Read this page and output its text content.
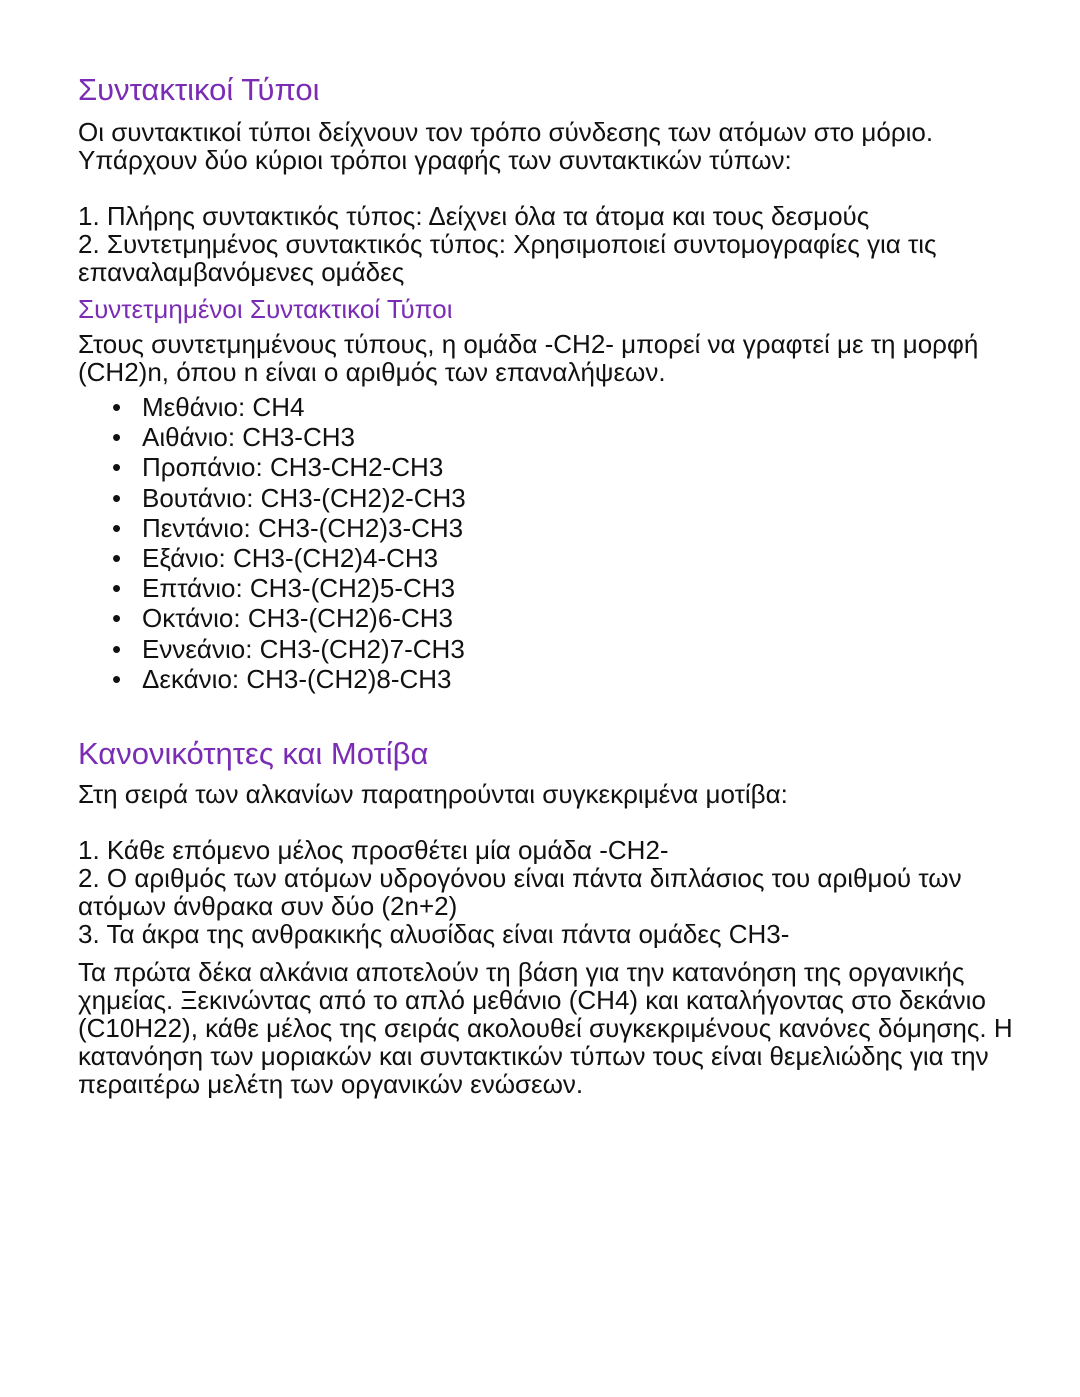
Συντακτικοί Τύποι

Οι συντακτικοί τύποι δείχνουν τον τρόπο σύνδεσης των ατόμων στο μόριο. Υπάρχουν δύο κύριοι τρόποι γραφής των συντακτικών τύπων:

1. Πλήρης συντακτικός τύπος: Δείχνει όλα τα άτομα και τους δεσμούς
2. Συντετμημένος συντακτικός τύπος: Χρησιμοποιεί συντομογραφίες για τις επαναλαμβανόμενες ομάδες
Συντετμημένοι Συντακτικοί Τύποι

Στους συντετμημένους τύπους, η ομάδα -CH2- μπορεί να γραφτεί με τη μορφή (CH2)n, όπου n είναι ο αριθμός των επαναλήψεων.

• Μεθάνιο: CH4
• Αιθάνιο: CH3-CH3
• Προπάνιο: CH3-CH2-CH3
• Βουτάνιο: CH3-(CH2)2-CH3
• Πεντάνιο: CH3-(CH2)3-CH3
• Εξάνιο: CH3-(CH2)4-CH3
• Επτάνιο: CH3-(CH2)5-CH3
• Οκτάνιο: CH3-(CH2)6-CH3
• Εννεάνιο: CH3-(CH2)7-CH3
• Δεκάνιο: CH3-(CH2)8-CH3
Κανονικότητες και Μοτίβα

Στη σειρά των αλκανίων παρατηρούνται συγκεκριμένα μοτίβα:

1. Κάθε επόμενο μέλος προσθέτει μία ομάδα -CH2-
2. Ο αριθμός των ατόμων υδρογόνου είναι πάντα διπλάσιος του αριθμού των ατόμων άνθρακα συν δύο (2n+2)
3. Τα άκρα της ανθρακικής αλυσίδας είναι πάντα ομάδες CH3-

Τα πρώτα δέκα αλκάνια αποτελούν τη βάση για την κατανόηση της οργανικής χημείας. Ξεκινώντας από το απλό μεθάνιο (CH4) και καταλήγοντας στο δεκάνιο (C10H22), κάθε μέλος της σειράς ακολουθεί συγκεκριμένους κανόνες δόμησης. Η κατανόηση των μοριακών και συντακτικών τύπων τους είναι θεμελιώδης για την περαιτέρω μελέτη των οργανικών ενώσεων.
